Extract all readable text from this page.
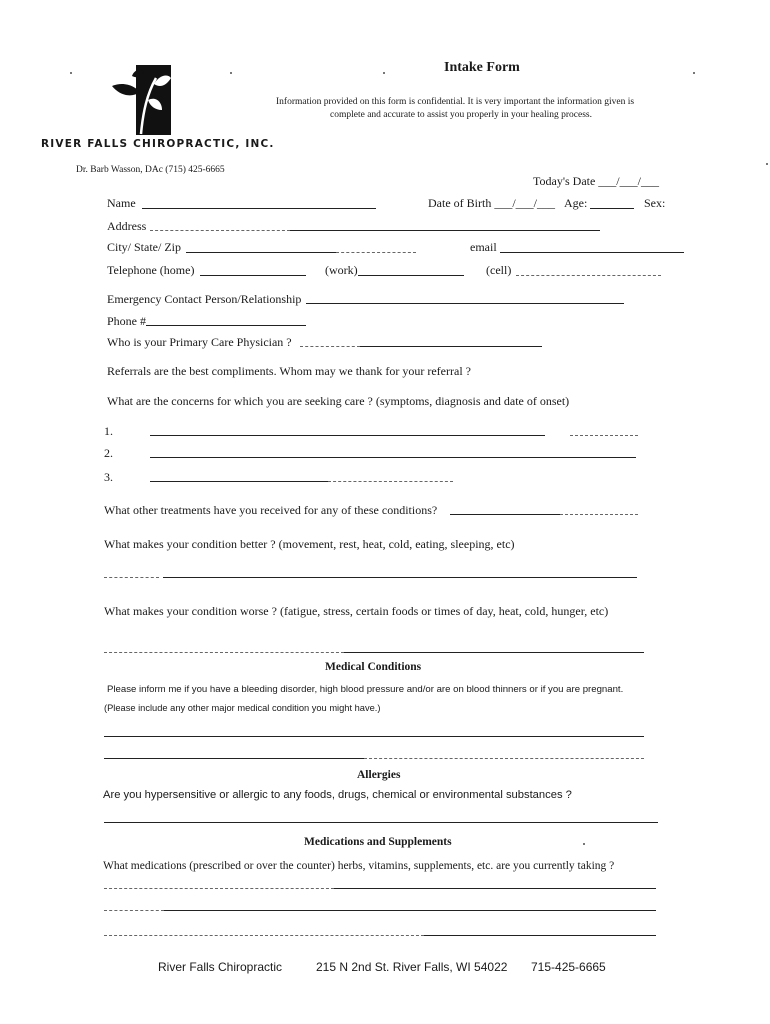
Intake Form
Information provided on this form is confidential. It is very important the information given is
complete and accurate to assist you properly in your healing process.
RIVER FALLS CHIROPRACTIC, INC.
Dr. Barb Wasson, DAc (715) 425-6665
Today's Date ___/___/___
Name	Date of Birth ___/___/___ Age:	Sex:
Address
City/ State/ Zip	email
Telephone (home)	(work)	(cell)
Emergency Contact Person/Relationship
Phone #
Who is your Primary Care Physician ?
Referrals are the best compliments. Whom may we thank for your referral ?
What are the concerns for which you are seeking care ? (symptoms, diagnosis and date of onset)
1.
2.
3.
What other treatments have you received for any of these conditions?
What makes your condition better ? (movement, rest, heat, cold, eating, sleeping, etc)
What makes your condition worse ? (fatigue, stress, certain foods or times of day, heat, cold, hunger, etc)
Medical Conditions
Please inform me if you have a bleeding disorder, high blood pressure and/or are on blood thinners or if you are pregnant.
(Please include any other major medical condition you might have.)
Allergies
Are you hypersensitive or allergic to any foods, drugs, chemical or environmental substances ?
Medications and Supplements
What medications (prescribed or over the counter) herbs, vitamins, supplements, etc. are you currently taking ?
River Falls Chiropractic	215 N 2nd St. River Falls, WI 54022 715-425-6665
